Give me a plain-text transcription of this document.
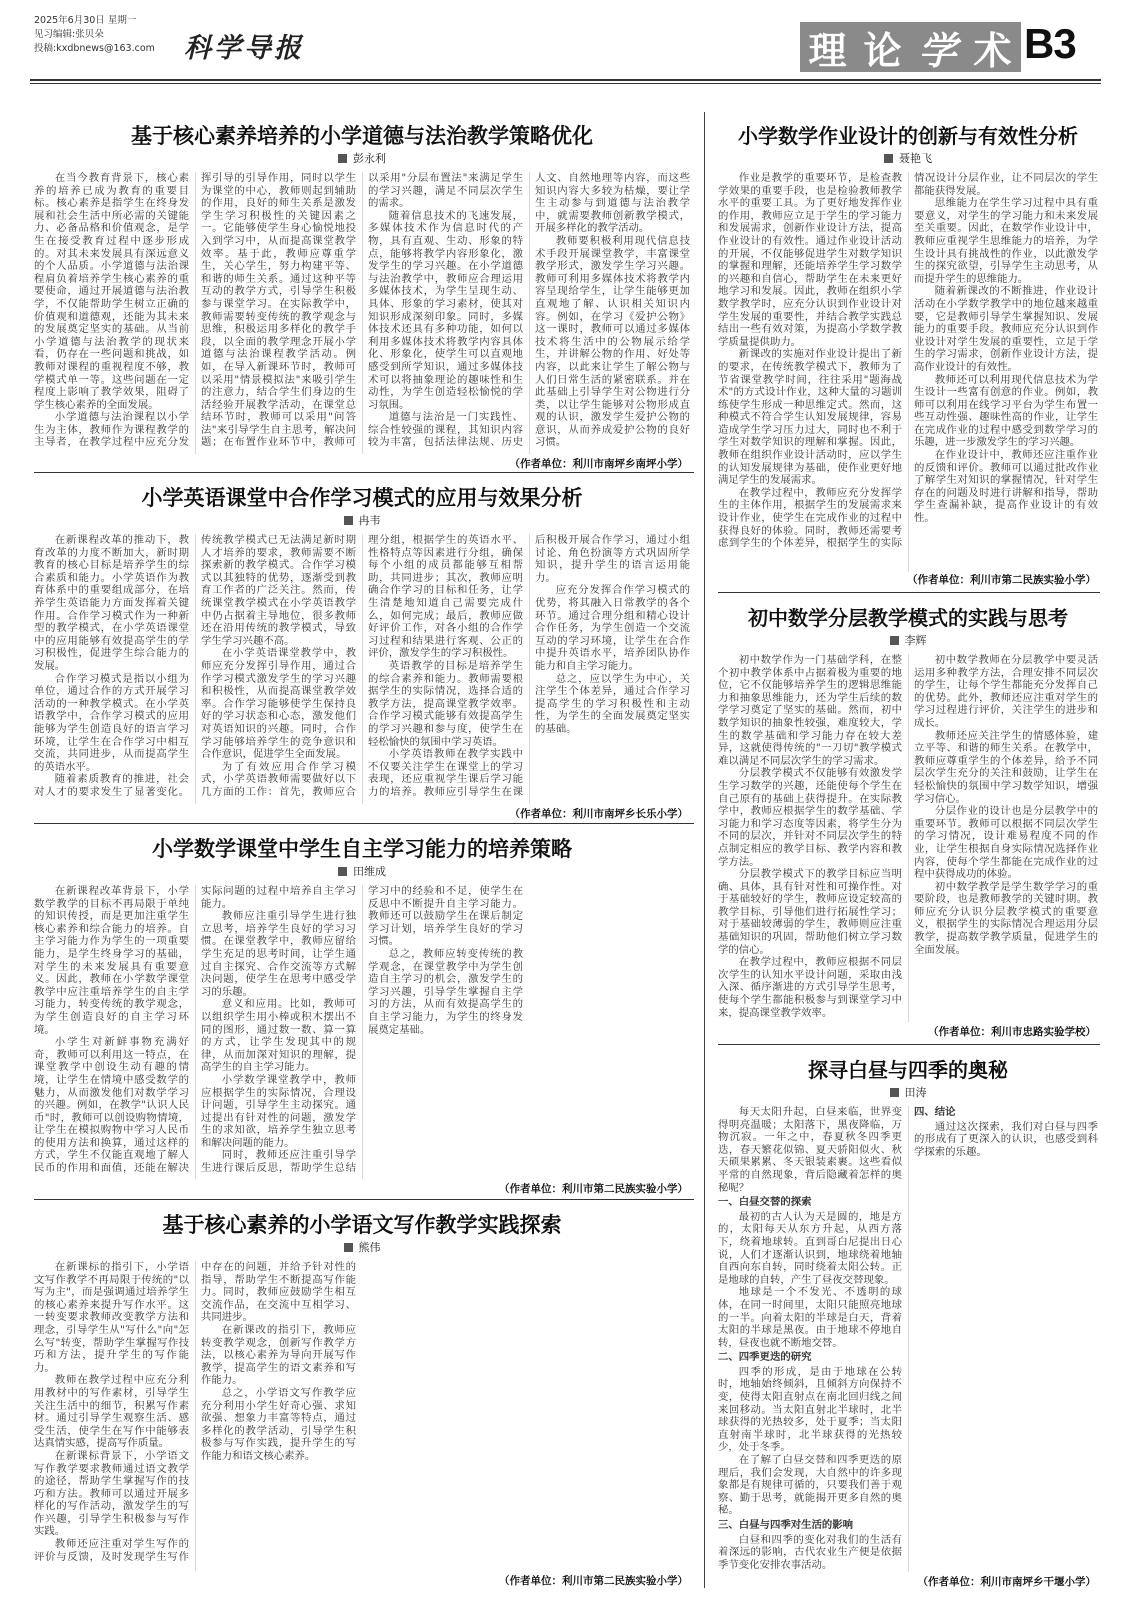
2025年6月30日 星期一
见习编辑:张贝朵
投稿:kxdbnews@163.com 科学导报	理 论 学 术 B3
基于核心素养培养的小学道德与法治教学策略优化
彭永利

在当今教育背景下，核心素养的培养已成为教育的重要目标。核心素养是指学生在终身发展和社会生活中所必需的关键能力、必备品格和价值观念，是学生在接受教育过程中逐步形成的。对其未来发展具有深远意义的个人品质。小学道德与法治课程肩负着培养学生核心素养的重要使命，通过开展道德与法治教学，不仅能帮助学生树立正确的价值观和道德观，还能为其未来的发展奠定坚实的基础。从当前小学道德与法治教学的现状来看，仍存在一些问题和挑战，如教师对课程的重视程度不够，教学模式单一等。这些问题在一定程度上影响了教学效果，阻碍了学生核心素养的全面发展。

小学道德与法治课程以小学生为主体，教师作为课程教学的主导者，在教学过程中应充分发挥引导的引导作用，同时以学生为课堂的中心，教师则起到辅助的作用，良好的师生关系是激发学生学习积极性的关键因素之一。它能够使学生身心愉悦地投入到学习中，从而提高课堂教学效率。基于此，教师应尊重学生，关心学生，努力构建平等、和谐的师生关系。通过这种平等互动的教学方式，引导学生积极参与课堂学习。在实际教学中，教师需要转变传统的教学观念与思维，积极运用多样化的教学手段，以全面的教学理念开展小学道德与法治课程教学活动。例如，在导入新课环节时，教师可以采用"情景模拟法"来吸引学生的注意力，结合学生们身边的生活经验开展教学活动，在课堂总结环节时，教师可以采用"问答法"来引导学生自主思考，解决问题；在布置作业环节中，教师可以采用"分层布置法"来满足学生的学习兴趣，满足不同层次学生的需求。

随着信息技术的飞速发展，多媒体技术作为信息时代的产物，具有直观、生动、形象的特点，能够将教学内容形象化，激发学生的学习兴趣。在小学道德与法治教学中，教师应合理运用多媒体技术，为学生呈现生动、具体、形象的学习素材，使其对知识形成深刻印象。同时，多媒体技术还具有多种功能，如何以利用多媒体技术将教学内容具体化、形象化，使学生可以直观地感受到所学知识，通过多媒体技术可以将抽象理论的趣味性和生动性，为学生创造轻松愉悦的学习氛围。

道德与法治是一门实践性、综合性较强的课程，其知识内容较为丰富，包括法律法规、历史人文、自然地理等内容，而这些知识内容大多较为枯燥，要让学生主动参与到道德与法治教学中，就需要教师创新教学模式，开展多样化的教学活动。

教师要积极利用现代信息技术手段开展课堂教学，丰富课堂教学形式，激发学生学习兴趣。教师可利用多媒体技术将教学内容呈现给学生，让学生能够更加直观地了解、认识相关知识内容。例如，在学习《爱护公物》这一课时，教师可以通过多媒体技术将生活中的公物展示给学生，并讲解公物的作用、好处等内容，以此来让学生了解公物与人们日常生活的紧密联系。并在此基础上引导学生对公物进行分类，以让学生能够对公物形成直观的认识，激发学生爱护公物的意识，从而养成爱护公物的良好习惯。

（作者单位：利川市南坪乡南坪小学）
小学英语课堂中合作学习模式的应用与效果分析
冉韦

在新课程改革的推动下，教育改革的力度不断加大，新时期教育的核心目标是培养学生的综合素质和能力。小学英语作为教育体系中的重要组成部分，在培养学生英语能力方面发挥着关键作用。合作学习模式作为一种新型的教学模式，在小学英语课堂中的应用能够有效提高学生的学习积极性，促进学生综合能力的发展。

合作学习模式是指以小组为单位，通过合作的方式开展学习活动的一种教学模式。在小学英语教学中，合作学习模式的应用能够为学生创造良好的语言学习环境，让学生在合作学习中相互交流，共同进步，从而提高学生的英语水平。

随着素质教育的推进，社会对人才的要求发生了显著变化。传统教学模式已无法满足新时期人才培养的要求，教师需要不断探索新的教学模式。合作学习模式以其独特的优势，逐渐受到教育工作者的广泛关注。然而，传统课堂教学模式在小学英语教学中仍占据着主导地位，很多教师还在沿用传统的教学模式，导致学生学习兴趣不高。

在小学英语课堂教学中，教师应充分发挥引导作用，通过合作学习模式激发学生的学习兴趣和积极性，从而提高课堂教学效率。合作学习能够使学生保持良好的学习状态和心态，激发他们对英语知识的兴趣。同时，合作学习能够培养学生的竞争意识和合作意识，促进学生全面发展。

为了有效应用合作学习模式，小学英语教师需要做好以下几方面的工作：首先，教师应合理分组，根据学生的英语水平、性格特点等因素进行分组，确保每个小组的成员都能够互相帮助，共同进步；其次，教师应明确合作学习的目标和任务，让学生清楚地知道自己需要完成什么，如何完成；最后，教师应做好评价工作，对各小组的合作学习过程和结果进行客观、公正的评价，激发学生的学习积极性。

英语教学的目标是培养学生的综合素养和能力。教师需要根据学生的实际情况，选择合适的教学方法，提高课堂教学效率。合作学习模式能够有效提高学生的学习兴趣和参与度，使学生在轻松愉快的氛围中学习英语。

小学英语教师在教学实践中不仅要关注学生在课堂上的学习表现，还应重视学生课后学习能力的培养。教师应引导学生在课后积极开展合作学习，通过小组讨论、角色扮演等方式巩固所学知识，提升学生的语言运用能力。

应充分发挥合作学习模式的优势，将其融入日常教学的各个环节。通过合理分组和精心设计合作任务，为学生创造一个交流互动的学习环境，让学生在合作中提升英语水平，培养团队协作能力和自主学习能力。

总之，应以学生为中心，关注学生个体差异，通过合作学习提高学生的学习积极性和主动性，为学生的全面发展奠定坚实的基础。

（作者单位：利川市南坪乡长乐小学）
小学数学课堂中学生自主学习能力的培养策略
田维成

在新课程改革背景下，小学数学教学的目标不再局限于单纯的知识传授，而是更加注重学生核心素养和综合能力的培养。自主学习能力作为学生的一项重要能力，是学生终身学习的基础，对学生的未来发展具有重要意义。因此，教师在小学数学课堂教学中应注重培养学生的自主学习能力，转变传统的教学观念，为学生创造良好的自主学习环境。

小学生对新鲜事物充满好奇，教师可以利用这一特点，在课堂教学中创设生动有趣的情境，让学生在情境中感受数学的魅力，从而激发他们对数学学习的兴趣。例如，在教学"认识人民币"时，教师可以创设购物情境，让学生在模拟购物中学习人民币的使用方法和换算，通过这样的方式，学生不仅能直观地了解人民币的作用和面值，还能在解决实际问题的过程中培养自主学习能力。

教师应注重引导学生进行独立思考，培养学生良好的学习习惯。在课堂教学中，教师应留给学生充足的思考时间，让学生通过自主探究、合作交流等方式解决问题，使学生在思考中感受学习的乐趣。

意义和应用。比如，教师可以组织学生用小棒或积木摆出不同的图形，通过数一数、算一算的方式，让学生发现其中的规律，从而加深对知识的理解，提高学生的自主学习能力。

小学数学课堂教学中，教师应根据学生的实际情况，合理设计问题，引导学生主动探究。通过提出有针对性的问题，激发学生的求知欲，培养学生独立思考和解决问题的能力。

同时，教师还应注重引导学生进行课后反思，帮助学生总结学习中的经验和不足，使学生在反思中不断提升自主学习能力。教师还可以鼓励学生在课后制定学习计划，培养学生良好的学习习惯。

总之，教师应转变传统的教学观念，在课堂教学中为学生创造自主学习的机会，激发学生的学习兴趣，引导学生掌握自主学习的方法，从而有效提高学生的自主学习能力，为学生的终身发展奠定基础。

（作者单位：利川市第二民族实验小学）
基于核心素养的小学语文写作教学实践探索
熊伟

在新课标的指引下，小学语文写作教学不再局限于传统的"以写为主"，而是强调通过培养学生的核心素养来提升写作水平。这一转变要求教师改变教学方法和理念，引导学生从"写什么"向"怎么写"转变，帮助学生掌握写作技巧和方法，提升学生的写作能力。

教师在教学过程中应充分利用教材中的写作素材，引导学生关注生活中的细节，积累写作素材。通过引导学生观察生活、感受生活，使学生在写作中能够表达真情实感，提高写作质量。

在新课标背景下，小学语文写作教学要求教师通过语文教学的途径，帮助学生掌握写作的技巧和方法。教师可以通过开展多样化的写作活动，激发学生的写作兴趣，引导学生积极参与写作实践。

教师还应注重对学生写作的评价与反馈，及时发现学生写作中存在的问题，并给予针对性的指导，帮助学生不断提高写作能力。同时，教师应鼓励学生相互交流作品，在交流中互相学习、共同进步。

在新课改的指引下，教师应转变教学观念，创新写作教学方法，以核心素养为导向开展写作教学，提高学生的语文素养和写作能力。

总之，小学语文写作教学应充分利用小学生好奇心强、求知欲强、想象力丰富等特点，通过多样化的教学活动，引导学生积极参与写作实践，提升学生的写作能力和语文核心素养。

（作者单位：利川市第二民族实验小学）
小学数学作业设计的创新与有效性分析
聂艳飞

作业是教学的重要环节，是检查教学效果的重要手段，也是检验教师教学水平的重要工具。为了更好地发挥作业的作用，教师应立足于学生的学习能力和发展需求，创新作业设计方法，提高作业设计的有效性。通过作业设计活动的开展，不仅能够促进学生对数学知识的掌握和理解，还能培养学生学习数学的兴趣和自信心，帮助学生在未来更好地学习和发展。因此，教师在组织小学数学教学时，应充分认识到作业设计对学生发展的重要性，并结合教学实践总结出一些有效对策，为提高小学数学教学质量提供助力。

新课改的实施对作业设计提出了新的要求，在传统教学模式下，教师为了节省课堂教学时间，往往采用"题海战术"的方式设计作业，这种大量的习题训练使学生形成一种思维定式。然而，这种模式不符合学生认知发展规律，容易造成学生学习压力过大，同时也不利于学生对数学知识的理解和掌握。因此，教师在组织作业设计活动时，应以学生的认知发展规律为基础，使作业更好地满足学生的发展需求。

在教学过程中，教师应充分发挥学生的主体作用，根据学生的发展需求来设计作业，使学生在完成作业的过程中获得良好的体验。同时，教师还需要考虑到学生的个体差异，根据学生的实际情况设计分层作业，让不同层次的学生都能获得发展。

思维能力在学生学习过程中具有重要意义，对学生的学习能力和未来发展至关重要。因此，在数学作业设计中，教师应重视学生思维能力的培养，为学生设计具有挑战性的作业，以此激发学生的探究欲望，引导学生主动思考，从而提升学生的思维能力。

随着新课改的不断推进，作业设计活动在小学数学教学中的地位越来越重要，它是教师引导学生掌握知识、发展能力的重要手段。教师应充分认识到作业设计对学生发展的重要性，立足于学生的学习需求，创新作业设计方法，提高作业设计的有效性。

教师还可以利用现代信息技术为学生设计一些富有创意的作业。例如，教师可以利用在线学习平台为学生布置一些互动性强、趣味性高的作业，让学生在完成作业的过程中感受到数学学习的乐趣，进一步激发学生的学习兴趣。

在作业设计中，教师还应注重作业的反馈和评价。教师可以通过批改作业了解学生对知识的掌握情况，针对学生存在的问题及时进行讲解和指导，帮助学生查漏补缺，提高作业设计的有效性。

（作者单位：利川市第二民族实验小学）
初中数学分层教学模式的实践与思考
李辉

初中数学作为一门基础学科，在整个初中教学体系中占据着极为重要的地位，它不仅能够培养学生的逻辑思维能力和抽象思维能力，还为学生后续的数学学习奠定了坚实的基础。然而，初中数学知识的抽象性较强，难度较大，学生的数学基础和学习能力存在较大差异，这就使得传统的"一刀切"教学模式难以满足不同层次学生的学习需求。

分层教学模式不仅能够有效激发学生学习数学的兴趣，还能使每个学生在自己原有的基础上获得提升。在实际教学中，教师应根据学生的数学基础、学习能力和学习态度等因素，将学生分为不同的层次，并针对不同层次学生的特点制定相应的教学目标、教学内容和教学方法。

分层教学模式下的教学目标应当明确、具体，具有针对性和可操作性。对于基础较好的学生，教师应设定较高的教学目标，引导他们进行拓展性学习；对于基础较薄弱的学生，教师则应注重基础知识的巩固，帮助他们树立学习数学的信心。

在教学过程中，教师应根据不同层次学生的认知水平设计问题，采取由浅入深、循序渐进的方式引导学生思考，使每个学生都能积极参与到课堂学习中来，提高课堂教学效率。

初中数学教师在分层教学中要灵活运用多种教学方法，合理安排不同层次的学生，让每个学生都能充分发挥自己的优势。此外，教师还应注重对学生的学习过程进行评价，关注学生的进步和成长。

教师还应关注学生的情感体验，建立平等、和谐的师生关系。在教学中，教师应尊重学生的个体差异，给予不同层次学生充分的关注和鼓励，让学生在轻松愉快的氛围中学习数学知识，增强学习信心。

分层作业的设计也是分层教学中的重要环节。教师可以根据不同层次学生的学习情况，设计难易程度不同的作业，让学生根据自身实际情况选择作业内容，使每个学生都能在完成作业的过程中获得成功的体验。

初中数学教学是学生数学学习的重要阶段，也是教师教学的关键时期。教师应充分认识分层教学模式的重要意义，根据学生的实际情况合理运用分层教学，提高数学教学质量，促进学生的全面发展。

（作者单位：利川市忠路实验学校）
探寻白昼与四季的奥秘
田涛

每天太阳升起，白昼来临，世界变得明亮温暖；太阳落下，黑夜降临，万物沉寂。一年之中，春夏秋冬四季更迭，春天繁花似锦、夏天骄阳似火、秋天硕果累累、冬天银装素裹。这些看似平常的自然现象，背后隐藏着怎样的奥秘呢？

一、白昼交替的探索

最初的古人认为天是圆的，地是方的，太阳每天从东方升起，从西方落下，绕着地球转。直到哥白尼提出日心说，人们才逐渐认识到，地球绕着地轴自西向东自转，同时绕着太阳公转。正是地球的自转，产生了昼夜交替现象。

地球是一个不发光、不透明的球体，在同一时间里，太阳只能照亮地球的一半。向着太阳的半球是白天，背着太阳的半球是黑夜。由于地球不停地自转，昼夜也就不断地交替。

二、四季更迭的研究

四季的形成，是由于地球在公转时，地轴始终倾斜，且倾斜方向保持不变，使得太阳直射点在南北回归线之间来回移动。当太阳直射北半球时，北半球获得的光热较多，处于夏季；当太阳直射南半球时，北半球获得的光热较少，处于冬季。

在了解了白昼交替和四季更迭的原理后，我们会发现，大自然中的许多现象都是有规律可循的，只要我们善于观察、勤于思考，就能揭开更多自然的奥秘。

三、白昼与四季对生活的影响

白昼和四季的变化对我们的生活有着深远的影响，古代农业生产便是依据季节变化安排农事活动。

四、结论

通过这次探索，我们对白昼与四季的形成有了更深入的认识，也感受到科学探索的乐趣。

（作者单位：利川市南坪乡干堰小学）
